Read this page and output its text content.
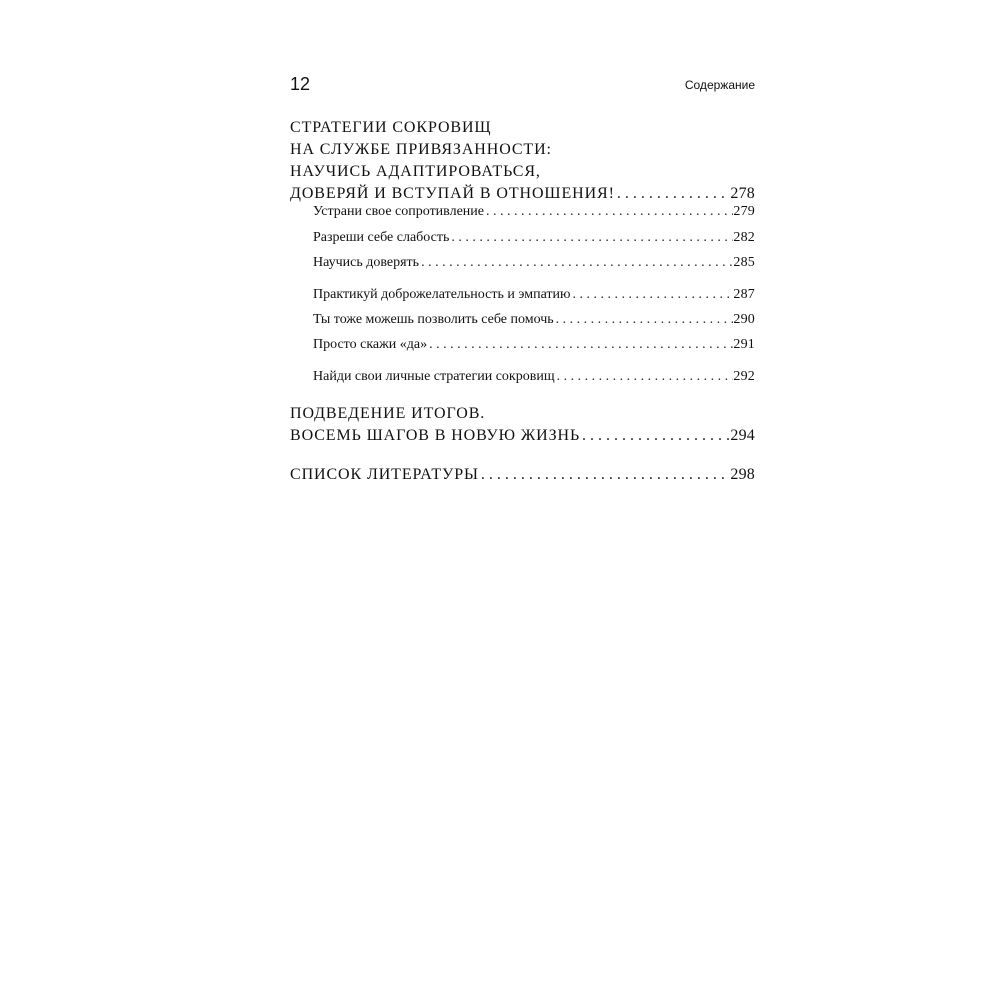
12	Содержание
СТРАТЕГИИ СОКРОВИЩ
НА СЛУЖБЕ ПРИВЯЗАННОСТИ:
НАУЧИСЬ АДАПТИРОВАТЬСЯ,
ДОВЕРЯЙ И ВСТУПАЙ В ОТНОШЕНИЯ! . . .	278
Устрани свое сопротивление . . .	279
Разреши себе слабость . . .	282
Научись доверять . . .	285
Практикуй доброжелательность и эмпатию . . .	287
Ты тоже можешь позволить себе помочь . . .	290
Просто скажи «да» . . .	291
Найди свои личные стратегии сокровищ . . .	292
ПОДВЕДЕНИЕ ИТОГОВ.
ВОСЕМЬ ШАГОВ В НОВУЮ ЖИЗНЬ . . .	294
СПИСОК ЛИТЕРАТУРЫ . . .	298
